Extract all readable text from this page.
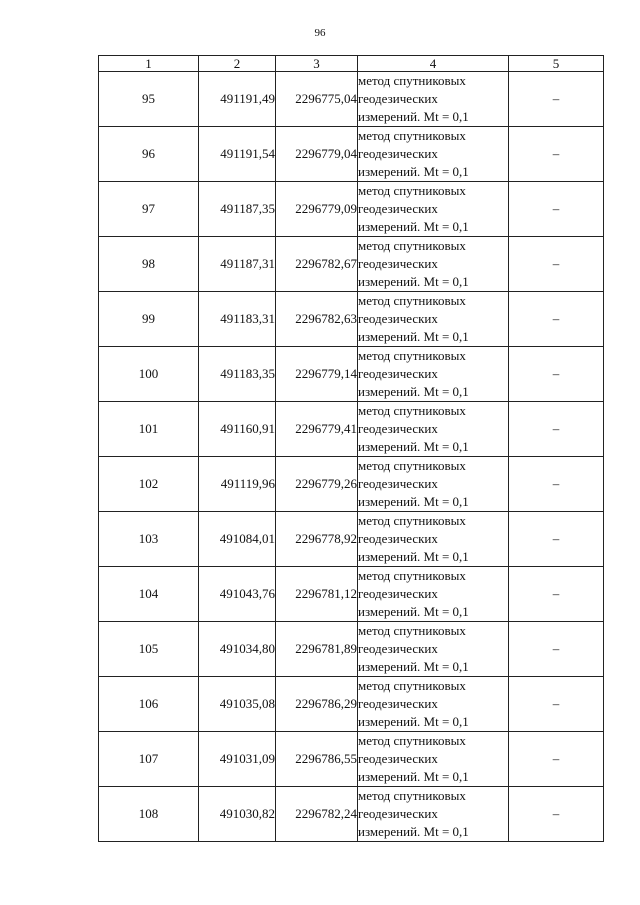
96
1	2	3	4	5
95	491191,49	2296775,04	метод спутниковых
геодезических
измерений. Mt = 0,1	–
96	491191,54	2296779,04	метод спутниковых
геодезических
измерений. Mt = 0,1	–
97	491187,35	2296779,09	метод спутниковых
геодезических
измерений. Mt = 0,1	–
98	491187,31	2296782,67	метод спутниковых
геодезических
измерений. Mt = 0,1	–
99	491183,31	2296782,63	метод спутниковых
геодезических
измерений. Mt = 0,1	–
100	491183,35	2296779,14	метод спутниковых
геодезических
измерений. Mt = 0,1	–
101	491160,91	2296779,41	метод спутниковых
геодезических
измерений. Mt = 0,1	–
102	491119,96	2296779,26	метод спутниковых
геодезических
измерений. Mt = 0,1	–
103	491084,01	2296778,92	метод спутниковых
геодезических
измерений. Mt = 0,1	–
104	491043,76	2296781,12	метод спутниковых
геодезических
измерений. Mt = 0,1	–
105	491034,80	2296781,89	метод спутниковых
геодезических
измерений. Mt = 0,1	–
106	491035,08	2296786,29	метод спутниковых
геодезических
измерений. Mt = 0,1	–
107	491031,09	2296786,55	метод спутниковых
геодезических
измерений. Mt = 0,1	–
108	491030,82	2296782,24	метод спутниковых
геодезических
измерений. Mt = 0,1	–
